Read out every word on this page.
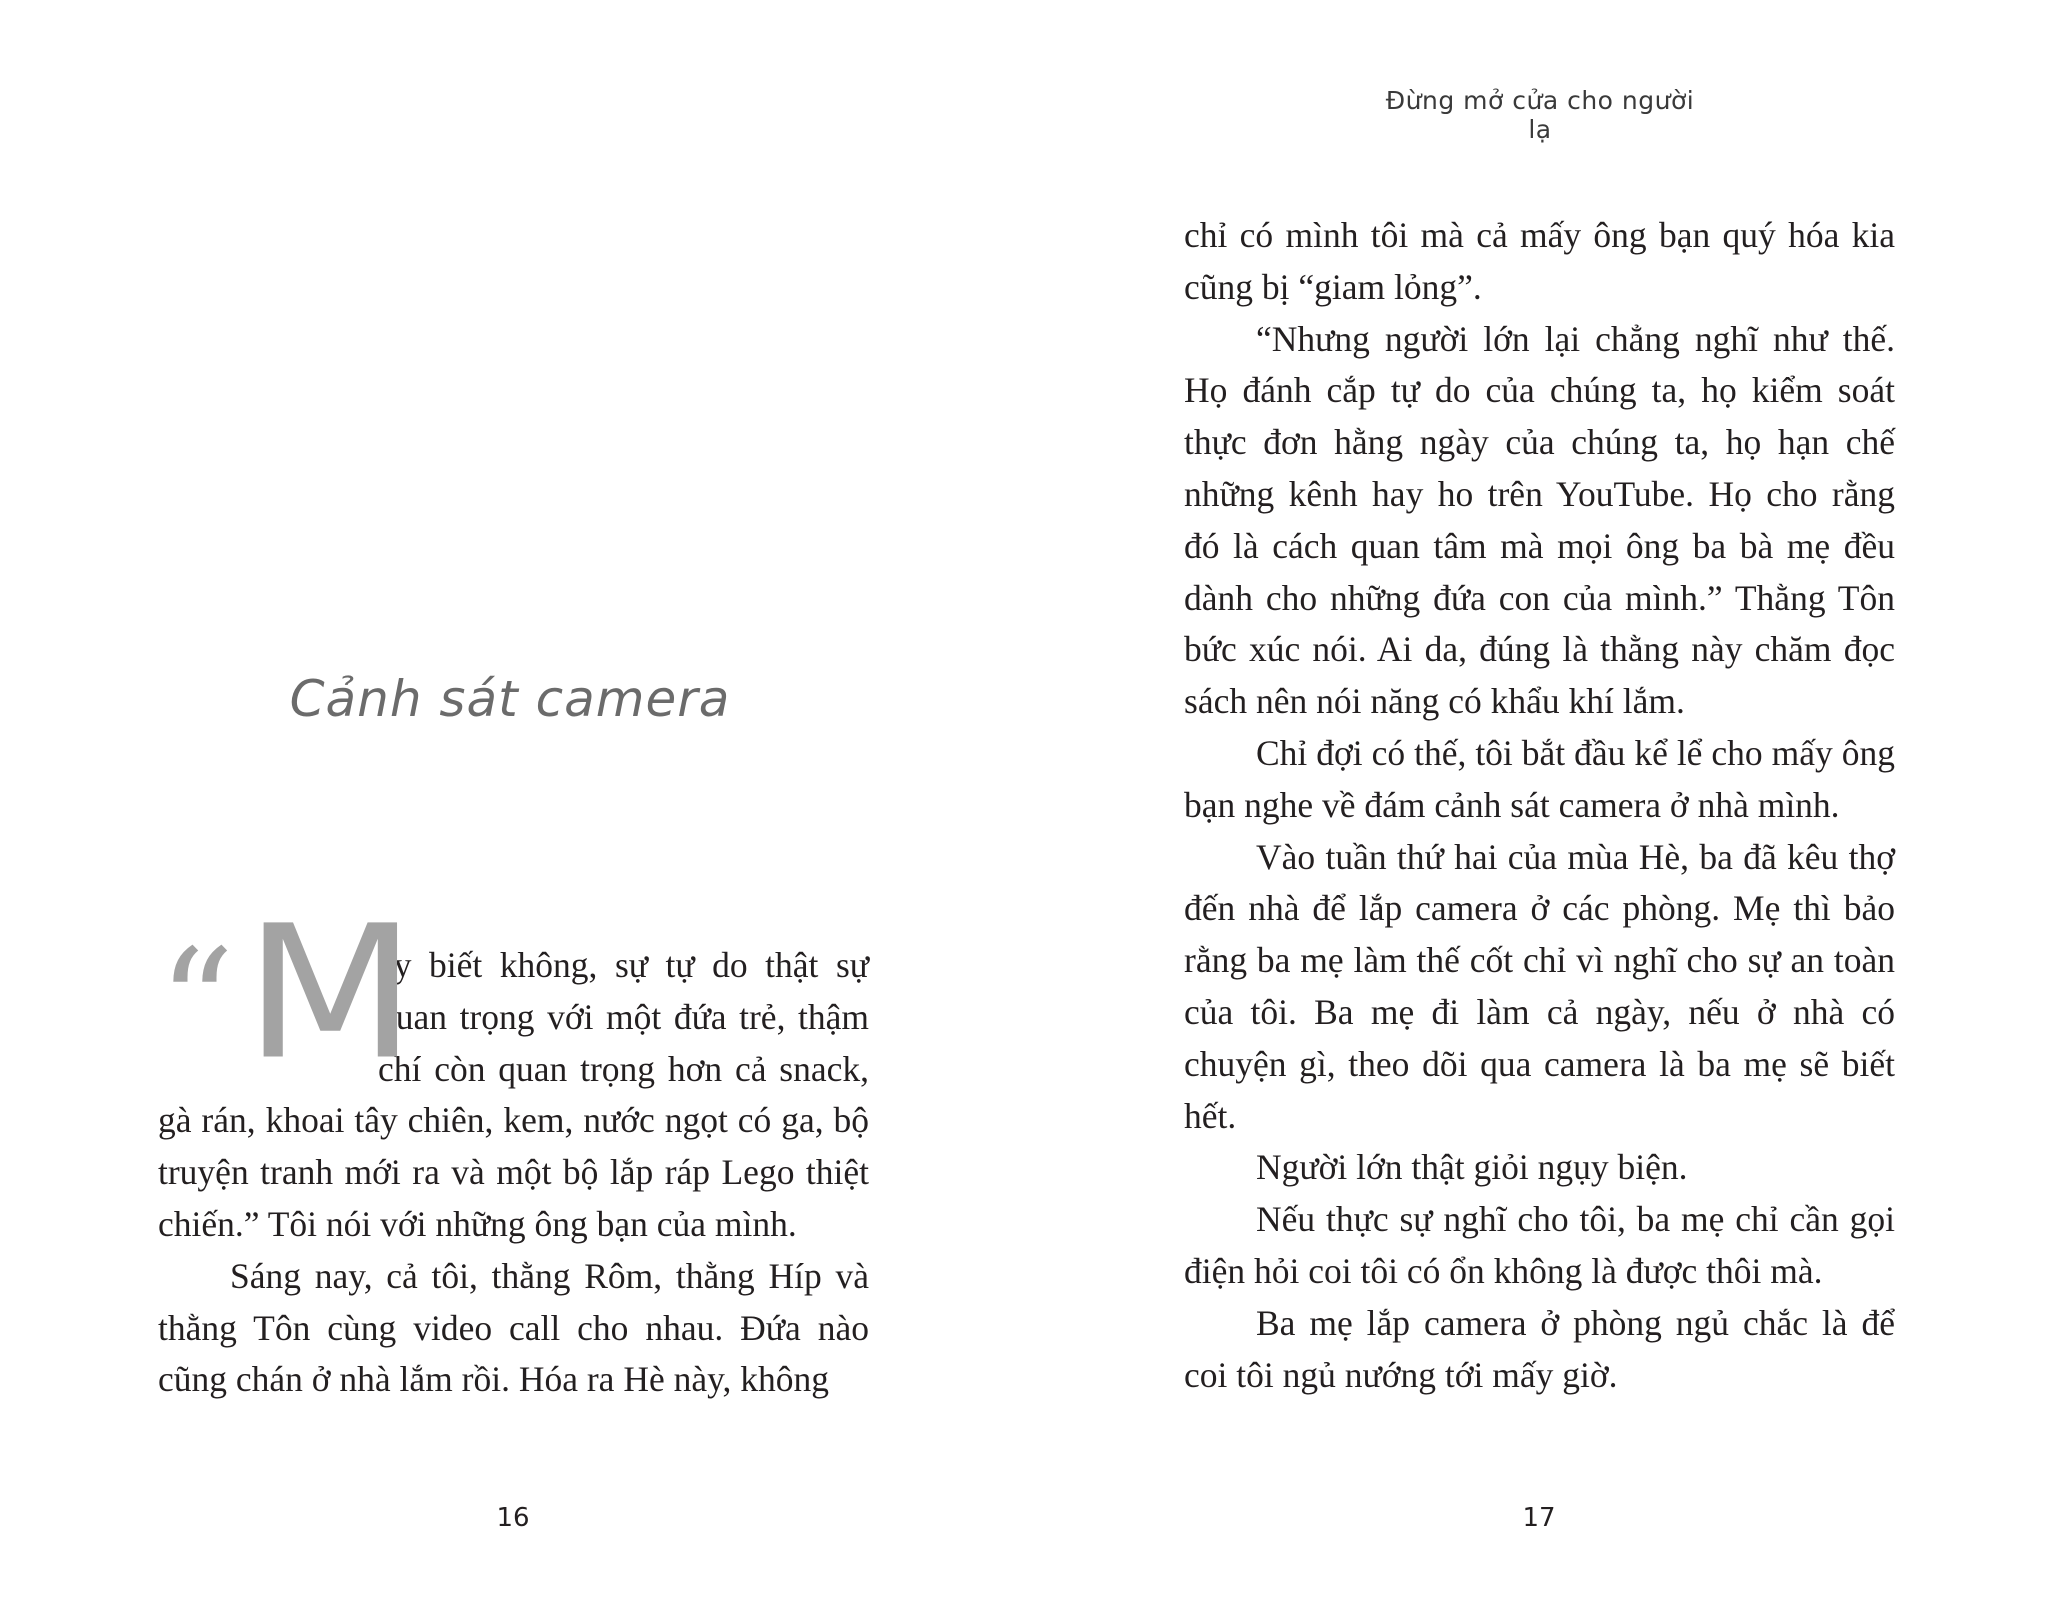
Đừng mở cửa cho người lạ
Cảnh sát camera

“ M
ày biết không, sự tự do thật sự quan trọng với một đứa trẻ, thậm chí còn quan trọng hơn cả snack, gà rán, khoai tây chiên, kem, nước ngọt có ga, bộ truyện tranh mới ra và một bộ lắp ráp Lego thiệt chiến.” Tôi nói với những ông bạn của mình.

Sáng nay, cả tôi, thằng Rôm, thằng Híp và thằng Tôn cùng video call cho nhau. Đứa nào cũng chán ở nhà lắm rồi. Hóa ra Hè này, không

chỉ có mình tôi mà cả mấy ông bạn quý hóa kia cũng bị “giam lỏng”.

“Nhưng người lớn lại chẳng nghĩ như thế. Họ đánh cắp tự do của chúng ta, họ kiểm soát thực đơn hằng ngày của chúng ta, họ hạn chế những kênh hay ho trên YouTube. Họ cho rằng đó là cách quan tâm mà mọi ông ba bà mẹ đều dành cho những đứa con của mình.” Thằng Tôn bức xúc nói. Ai da, đúng là thằng này chăm đọc sách nên nói năng có khẩu khí lắm.

Chỉ đợi có thế, tôi bắt đầu kể lể cho mấy ông bạn nghe về đám cảnh sát camera ở nhà mình.

Vào tuần thứ hai của mùa Hè, ba đã kêu thợ đến nhà để lắp camera ở các phòng. Mẹ thì bảo rằng ba mẹ làm thế cốt chỉ vì nghĩ cho sự an toàn của tôi. Ba mẹ đi làm cả ngày, nếu ở nhà có chuyện gì, theo dõi qua camera là ba mẹ sẽ biết hết.

Người lớn thật giỏi ngụy biện.

Nếu thực sự nghĩ cho tôi, ba mẹ chỉ cần gọi điện hỏi coi tôi có ổn không là được thôi mà.

Ba mẹ lắp camera ở phòng ngủ chắc là để coi tôi ngủ nướng tới mấy giờ.

16	17
